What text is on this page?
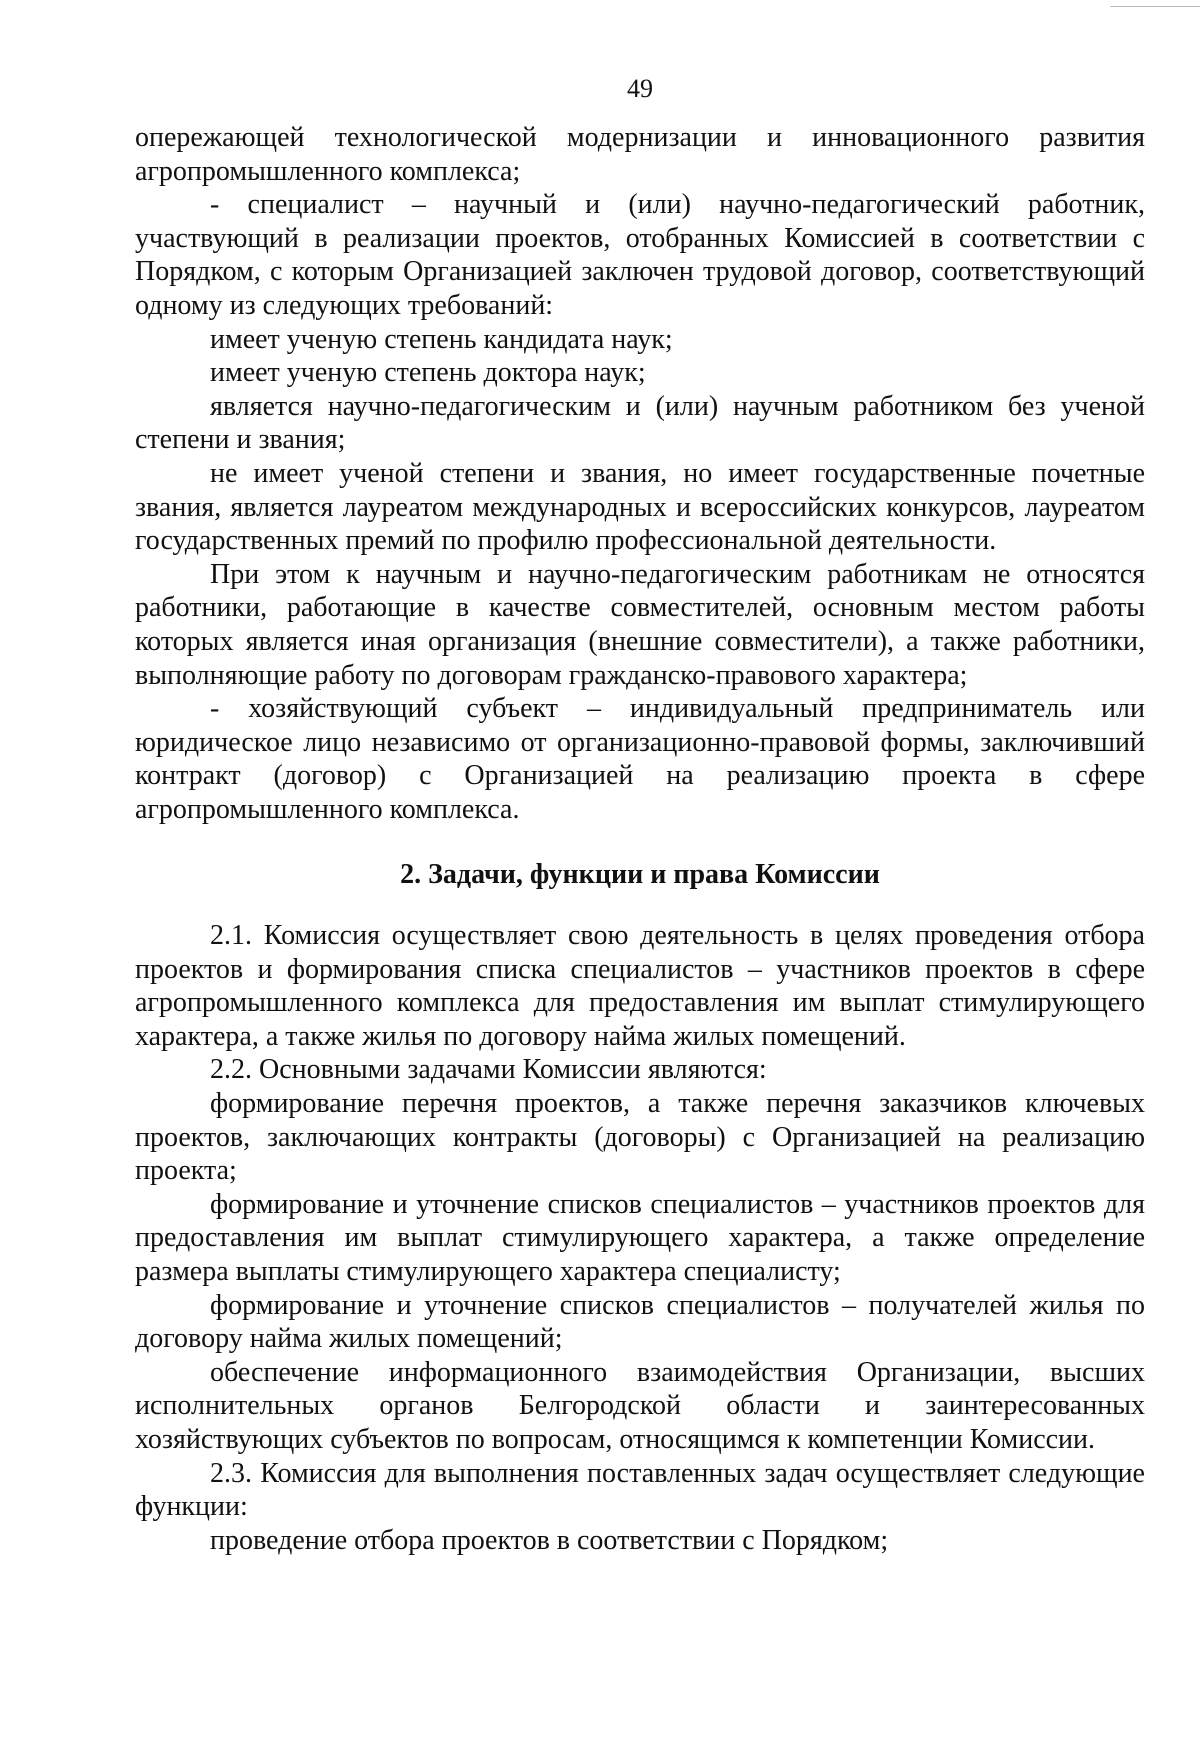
49

опережающей технологической модернизации и инновационного развития агропромышленного комплекса;

- специалист – научный и (или) научно-педагогический работник, участвующий в реализации проектов, отобранных Комиссией в соответствии с Порядком, с которым Организацией заключен трудовой договор, соответствующий одному из следующих требований:

имеет ученую степень кандидата наук;

имеет ученую степень доктора наук;

является научно-педагогическим и (или) научным работником без ученой степени и звания;

не имеет ученой степени и звания, но имеет государственные почетные звания, является лауреатом международных и всероссийских конкурсов, лауреатом государственных премий по профилю профессиональной деятельности.

При этом к научным и научно-педагогическим работникам не относятся работники, работающие в качестве совместителей, основным местом работы которых является иная организация (внешние совместители), а также работники, выполняющие работу по договорам гражданско-правового характера;

- хозяйствующий субъект – индивидуальный предприниматель или юридическое лицо независимо от организационно-правовой формы, заключивший контракт (договор) с Организацией на реализацию проекта в сфере агропромышленного комплекса.

2. Задачи, функции и права Комиссии

2.1. Комиссия осуществляет свою деятельность в целях проведения отбора проектов и формирования списка специалистов – участников проектов в сфере агропромышленного комплекса для предоставления им выплат стимулирующего характера, а также жилья по договору найма жилых помещений.

2.2. Основными задачами Комиссии являются:

формирование перечня проектов, а также перечня заказчиков ключевых проектов, заключающих контракты (договоры) с Организацией на реализацию проекта;

формирование и уточнение списков специалистов – участников проектов для предоставления им выплат стимулирующего характера, а также определение размера выплаты стимулирующего характера специалисту;

формирование и уточнение списков специалистов – получателей жилья по договору найма жилых помещений;

обеспечение информационного взаимодействия Организации, высших исполнительных органов Белгородской области и заинтересованных хозяйствующих субъектов по вопросам, относящимся к компетенции Комиссии.

2.3. Комиссия для выполнения поставленных задач осуществляет следующие функции:

проведение отбора проектов в соответствии с Порядком;
